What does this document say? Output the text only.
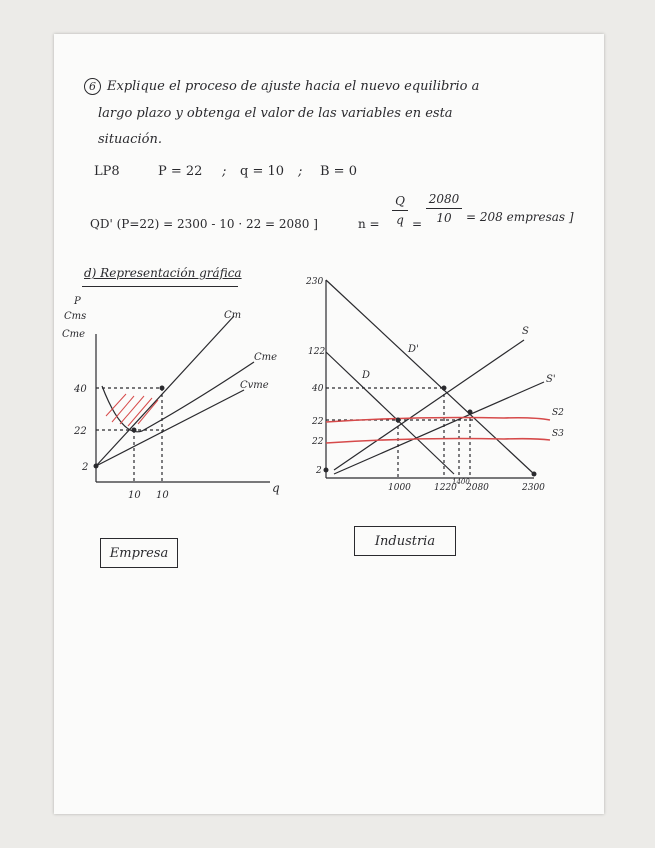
6 Explique el proceso de ajuste hacia el nuevo equilibrio a
largo plazo y obtenga el valor de las variables en esta
situación.
LP8	P = 22 ; q = 10 ; B = 0
QD' (P=22) = 2300 - 10 · 22 = 2080 ]	n =
Q
q =
2080
10	= 208 empresas ]
d) Representación gráfica
P
Cms
Cme
40
22
2
10 10
q
Cm
Cme
Cvme
230
122
40
22
22
2
1000	1220
1400
2080	2300
S
S'
D'
D
S2
S3
Empresa
Industria
